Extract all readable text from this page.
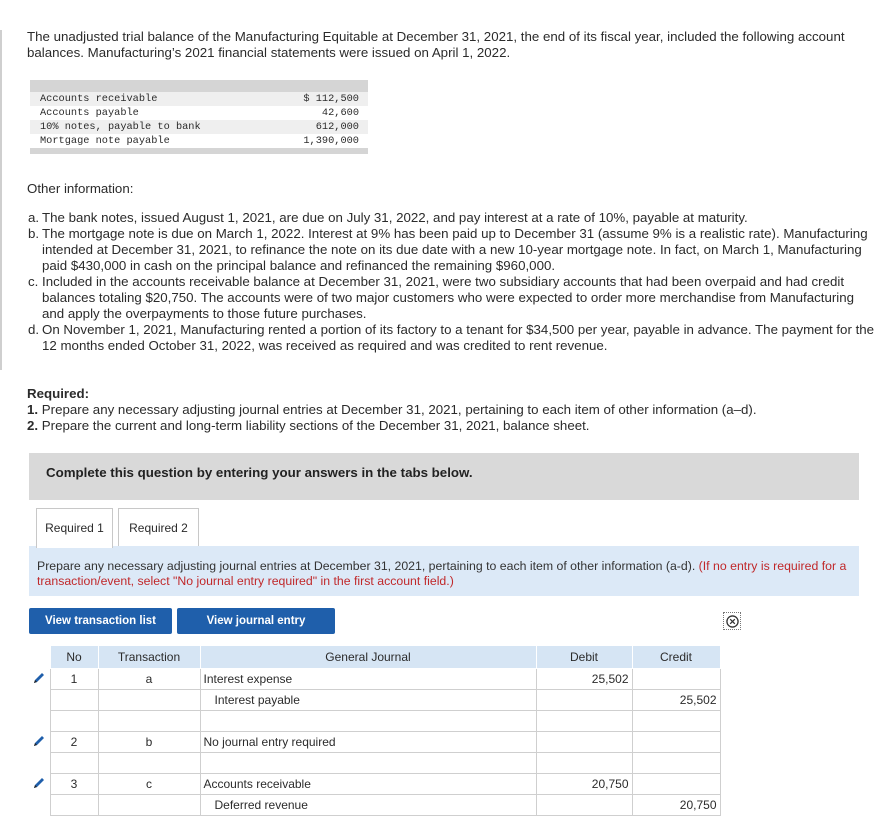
The unadjusted trial balance of the Manufacturing Equitable at December 31, 2021, the end of its fiscal year, included the following account balances. Manufacturing’s 2021 financial statements were issued on April 1, 2022.
Accounts receivable	$ 112,500
Accounts payable	42,600
10% notes, payable to bank	612,000
Mortgage note payable	1,390,000
Other information:
a. The bank notes, issued August 1, 2021, are due on July 31, 2022, and pay interest at a rate of 10%, payable at maturity.
b. The mortgage note is due on March 1, 2022. Interest at 9% has been paid up to December 31 (assume 9% is a realistic rate). Manufacturing intended at December 31, 2021, to refinance the note on its due date with a new 10-year mortgage note. In fact, on March 1, Manufacturing paid $430,000 in cash on the principal balance and refinanced the remaining $960,000.
c. Included in the accounts receivable balance at December 31, 2021, were two subsidiary accounts that had been overpaid and had credit balances totaling $20,750. The accounts were of two major customers who were expected to order more merchandise from Manufacturing and apply the overpayments to those future purchases.
d. On November 1, 2021, Manufacturing rented a portion of its factory to a tenant for $34,500 per year, payable in advance. The payment for the 12 months ended October 31, 2022, was received as required and was credited to rent revenue.
Required:
1. Prepare any necessary adjusting journal entries at December 31, 2021, pertaining to each item of other information (a–d).
2. Prepare the current and long-term liability sections of the December 31, 2021, balance sheet.
Complete this question by entering your answers in the tabs below.
Required 1	Required 2
Prepare any necessary adjusting journal entries at December 31, 2021, pertaining to each item of other information (a-d). (If no entry is required for a transaction/event, select "No journal entry required" in the first account field.)
View transaction list	View journal entry
	No	Transaction	General Journal	Debit	Credit
	1	a	Interest expense	25,502	
			Interest payable		25,502

	2	b	No journal entry required		

	3	c	Accounts receivable	20,750	
			Deferred revenue		20,750
